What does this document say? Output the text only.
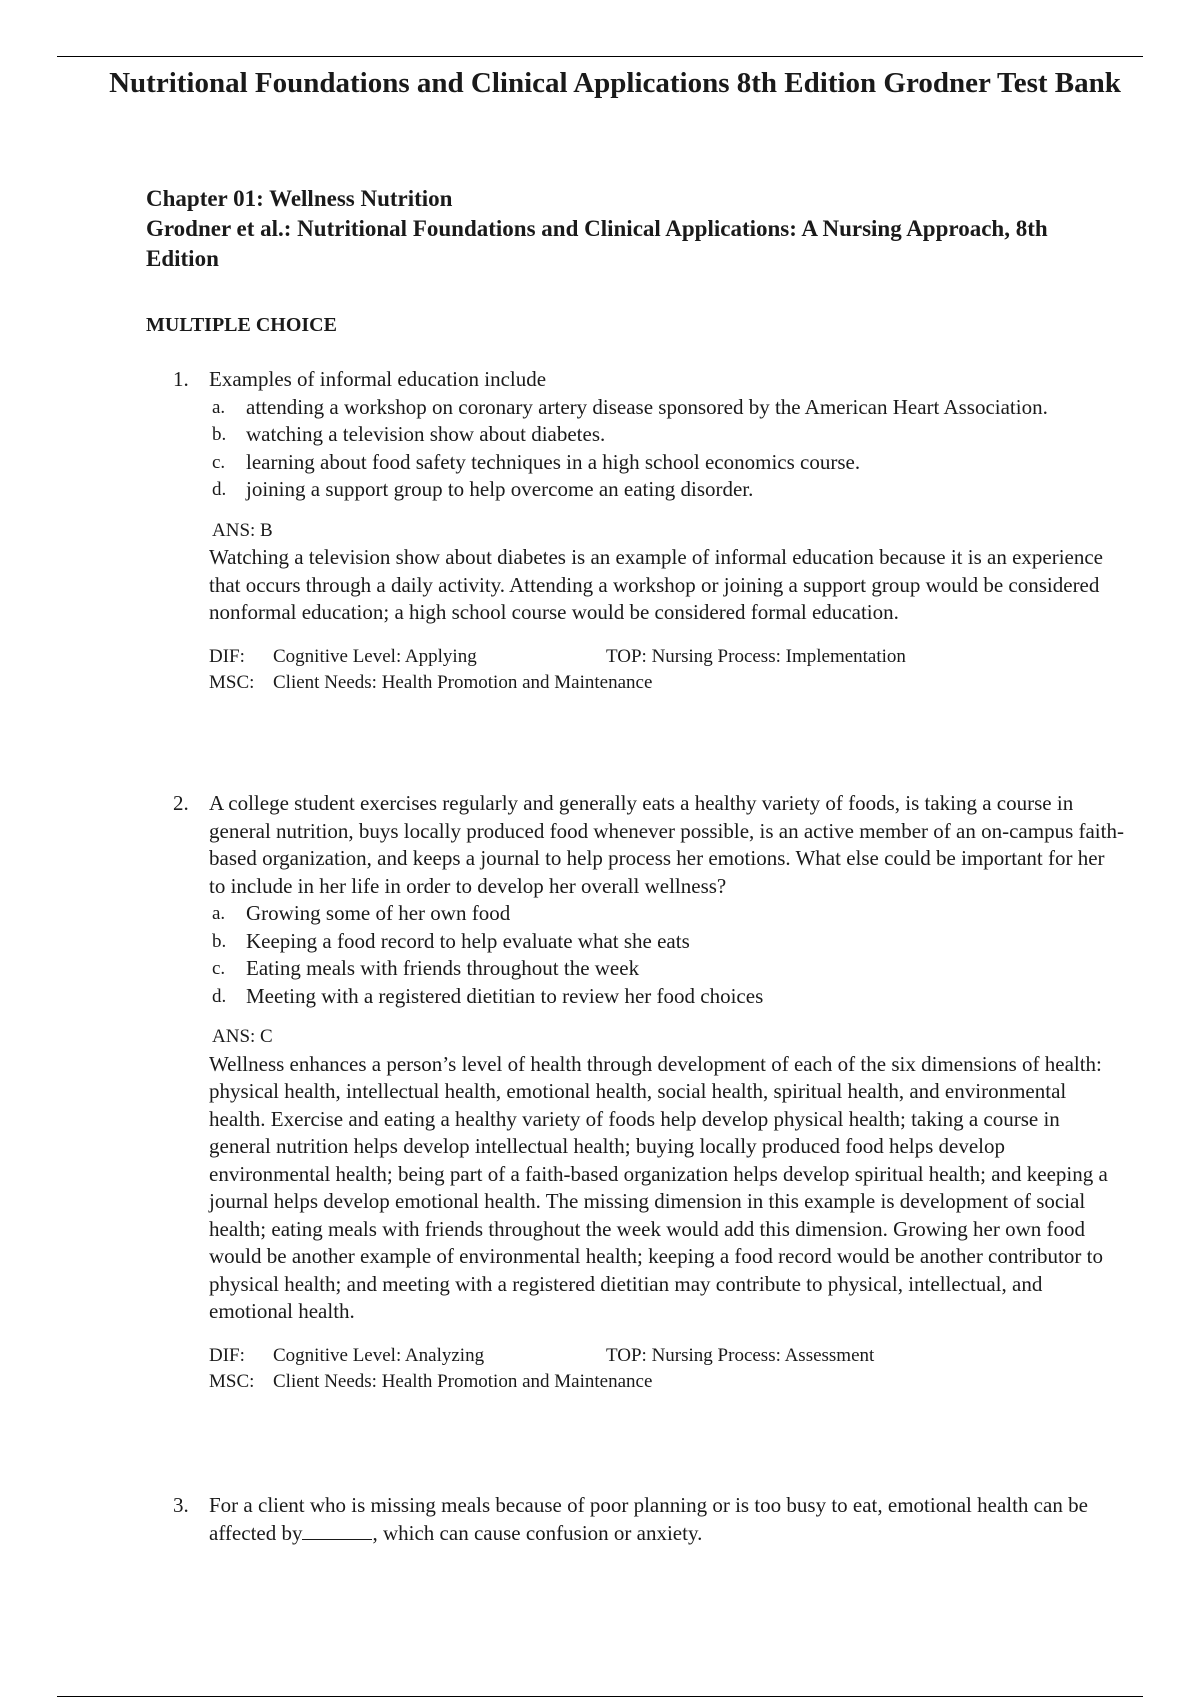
Nutritional Foundations and Clinical Applications 8th Edition Grodner Test Bank
Chapter 01: Wellness Nutrition
Grodner et al.: Nutritional Foundations and Clinical Applications: A Nursing Approach, 8th Edition
MULTIPLE CHOICE
1. Examples of informal education include
a. attending a workshop on coronary artery disease sponsored by the American Heart Association.
b. watching a television show about diabetes.
c. learning about food safety techniques in a high school economics course.
d. joining a support group to help overcome an eating disorder.
ANS: B
Watching a television show about diabetes is an example of informal education because it is an experience that occurs through a daily activity. Attending a workshop or joining a support group would be considered nonformal education; a high school course would be considered formal education.
DIF:	Cognitive Level: Applying	TOP: Nursing Process: Implementation
MSC: Client Needs: Health Promotion and Maintenance
2. A college student exercises regularly and generally eats a healthy variety of foods, is taking a course in general nutrition, buys locally produced food whenever possible, is an active member of an on-campus faith-based organization, and keeps a journal to help process her emotions. What else could be important for her to include in her life in order to develop her overall wellness?
a. Growing some of her own food
b. Keeping a food record to help evaluate what she eats
c. Eating meals with friends throughout the week
d. Meeting with a registered dietitian to review her food choices
ANS: C
Wellness enhances a person’s level of health through development of each of the six dimensions of health: physical health, intellectual health, emotional health, social health, spiritual health, and environmental health. Exercise and eating a healthy variety of foods help develop physical health; taking a course in general nutrition helps develop intellectual health; buying locally produced food helps develop environmental health; being part of a faith-based organization helps develop spiritual health; and keeping a journal helps develop emotional health. The missing dimension in this example is development of social health; eating meals with friends throughout the week would add this dimension. Growing her own food would be another example of environmental health; keeping a food record would be another contributor to physical health; and meeting with a registered dietitian may contribute to physical, intellectual, and emotional health.
DIF:	Cognitive Level: Analyzing	TOP: Nursing Process: Assessment
MSC: Client Needs: Health Promotion and Maintenance
3. For a client who is missing meals because of poor planning or is too busy to eat, emotional health can be affected by	, which can cause confusion or anxiety.
